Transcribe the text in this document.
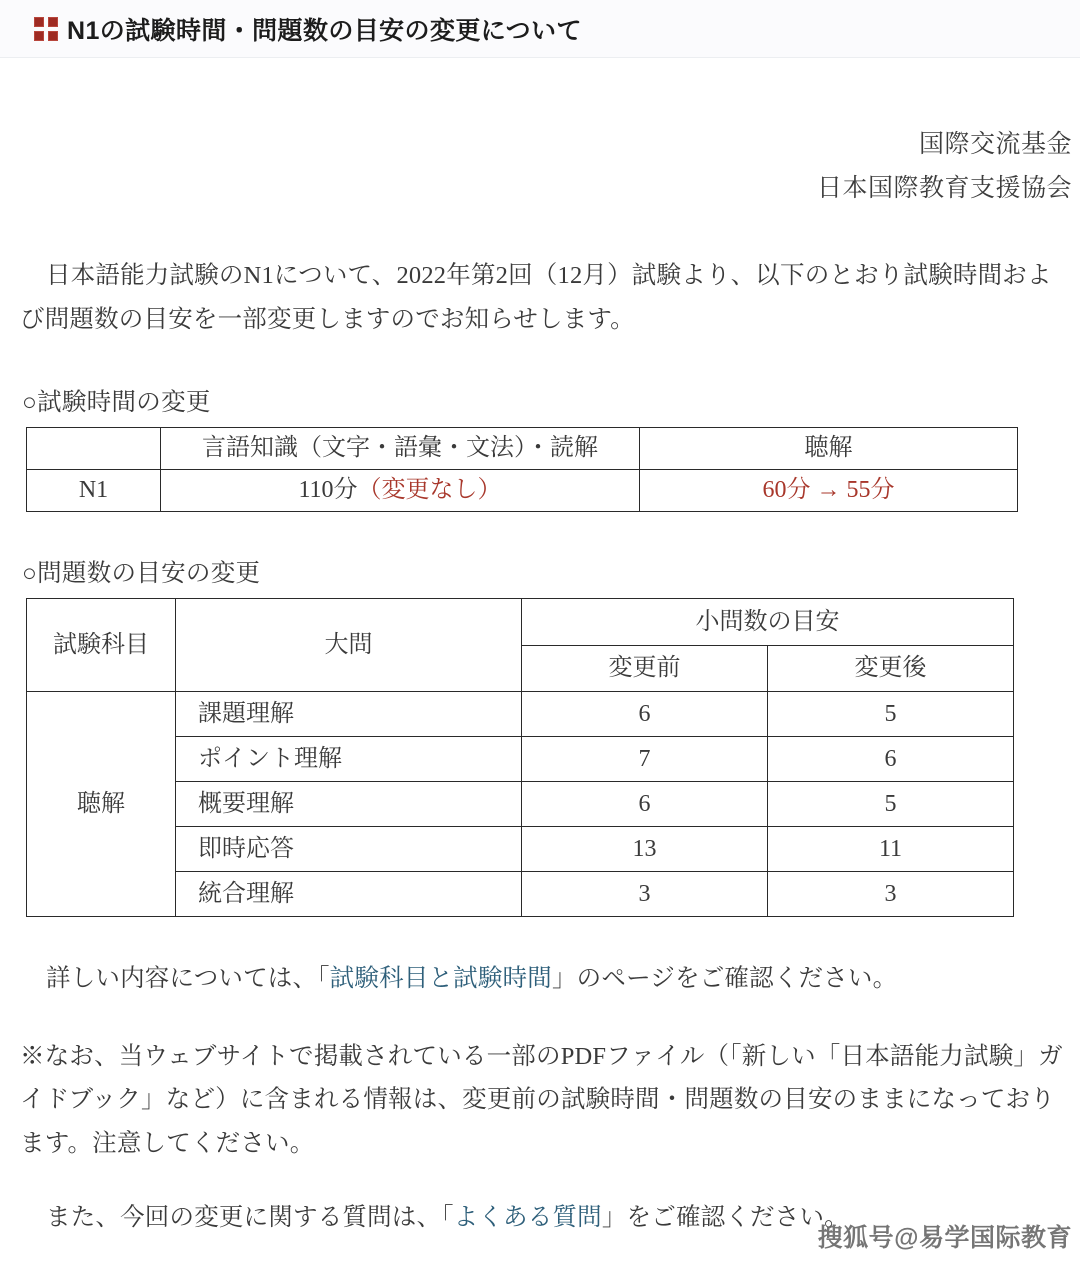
N1の試験時間・問題数の目安の変更について
国際交流基金
日本国際教育支援協会

日本語能力試験のN1について、2022年第2回（12月）試験より、以下のとおり試験時間および問題数の目安を一部変更しますのでお知らせします。

○試験時間の変更
	言語知識（文字・語彙・文法）・読解	聴解
N1	110分（変更なし）	60分 → 55分
○問題数の目安の変更
試験科目	大問	小問数の目安	
		変更前	変更後
聴解	課題理解	6	5
	ポイント理解	7	6
	概要理解	6	5
	即時応答	13	11
	統合理解	3	3

詳しい内容については、「試験科目と試験時間」のページをご確認ください。

※なお、当ウェブサイトで掲載されている一部のPDFファイル（「新しい「日本語能力試験」ガイドブック」など）に含まれる情報は、変更前の試験時間・問題数の目安のままになっております。注意してください。

また、今回の変更に関する質問は、「よくある質問」をご確認ください。

搜狐号@易学国际教育
